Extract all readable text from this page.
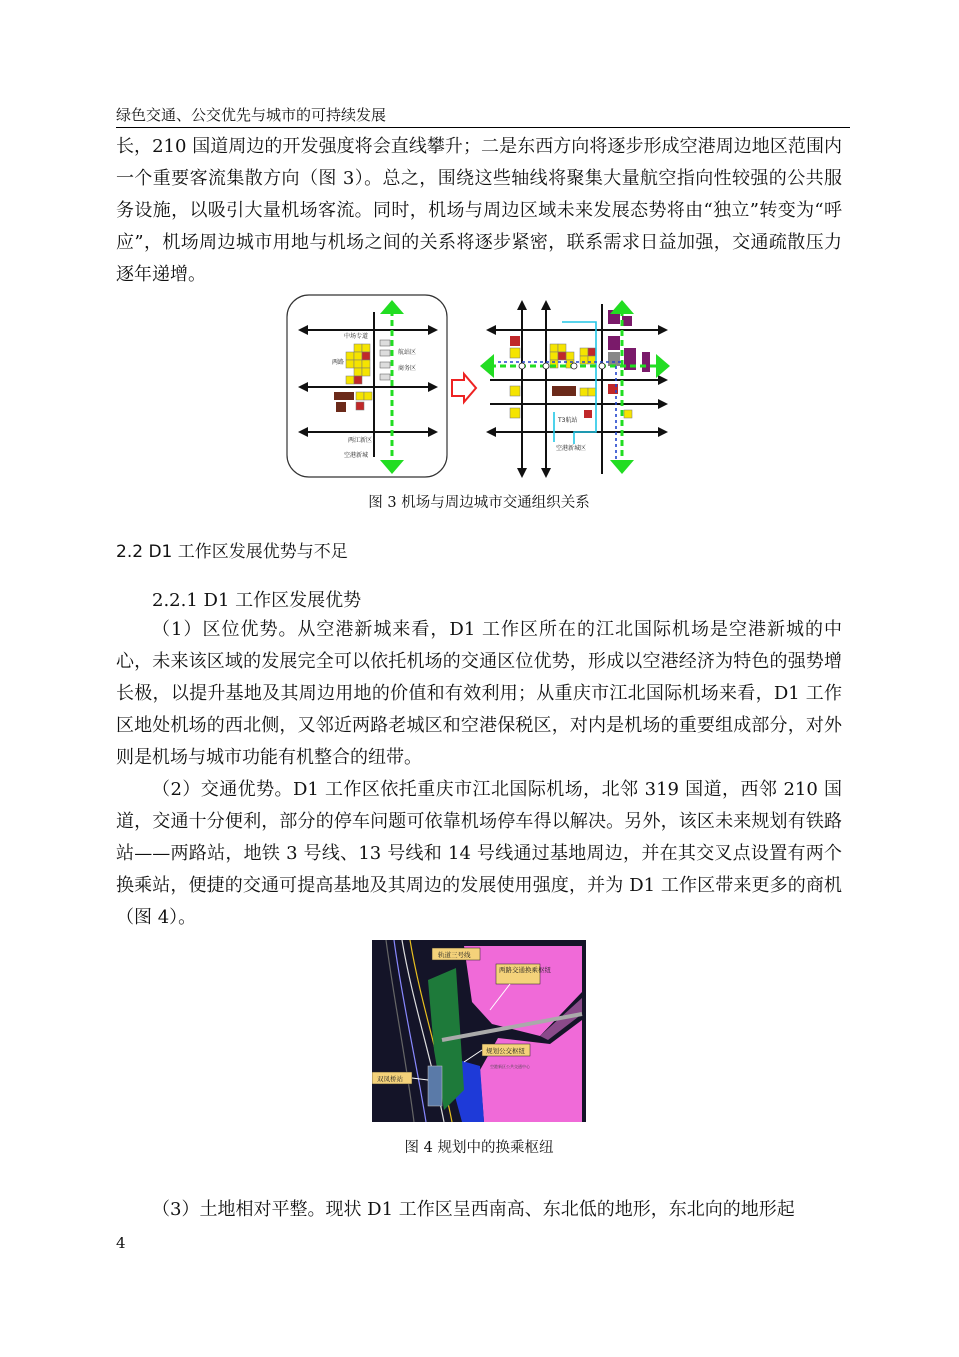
绿色交通、公交优先与城市的可持续发展

长，210 国道周边的开发强度将会直线攀升；二是东西方向将逐步形成空港周边地区范围内一个重要客流集散方向（图 3）。总之，围绕这些轴线将聚集大量航空指向性较强的公共服务设施，以吸引大量机场客流。同时，机场与周边区域未来发展态势将由“独立”转变为“呼应”，机场周边城市用地与机场之间的关系将逐步紧密，联系需求日益加强，交通疏散压力逐年递增。

中场专道
两路
航站区
商务区
两江新区
空港新城
T3航站
空港新城区
图 3 机场与周边城市交通组织关系
2.2 D1 工作区发展优势与不足
2.2.1 D1 工作区发展优势

（1）区位优势。从空港新城来看，D1 工作区所在的江北国际机场是空港新城的中心，未来该区域的发展完全可以依托机场的交通区位优势，形成以空港经济为特色的强势增长极，以提升基地及其周边用地的价值和有效利用；从重庆市江北国际机场来看，D1 工作区地处机场的西北侧，又邻近两路老城区和空港保税区，对内是机场的重要组成部分，对外则是机场与城市功能有机整合的纽带。

（2）交通优势。D1 工作区依托重庆市江北国际机场，北邻 319 国道，西邻 210 国道，交通十分便利，部分的停车问题可依靠机场停车得以解决。另外，该区未来规划有铁路站——两路站，地铁 3 号线、13 号线和 14 号线通过基地周边，并在其交叉点设置有两个换乘站，便捷的交通可提高基地及其周边的发展使用强度，并为 D1 工作区带来更多的商机（图 4）。

轨道三号线
两路交通换乘枢纽
规划公交枢纽
空港新区公共交通中心
双凤桥站
图 4 规划中的换乘枢纽

（3）土地相对平整。现状 D1 工作区呈西南高、东北低的地形，东北向的地形起

4
